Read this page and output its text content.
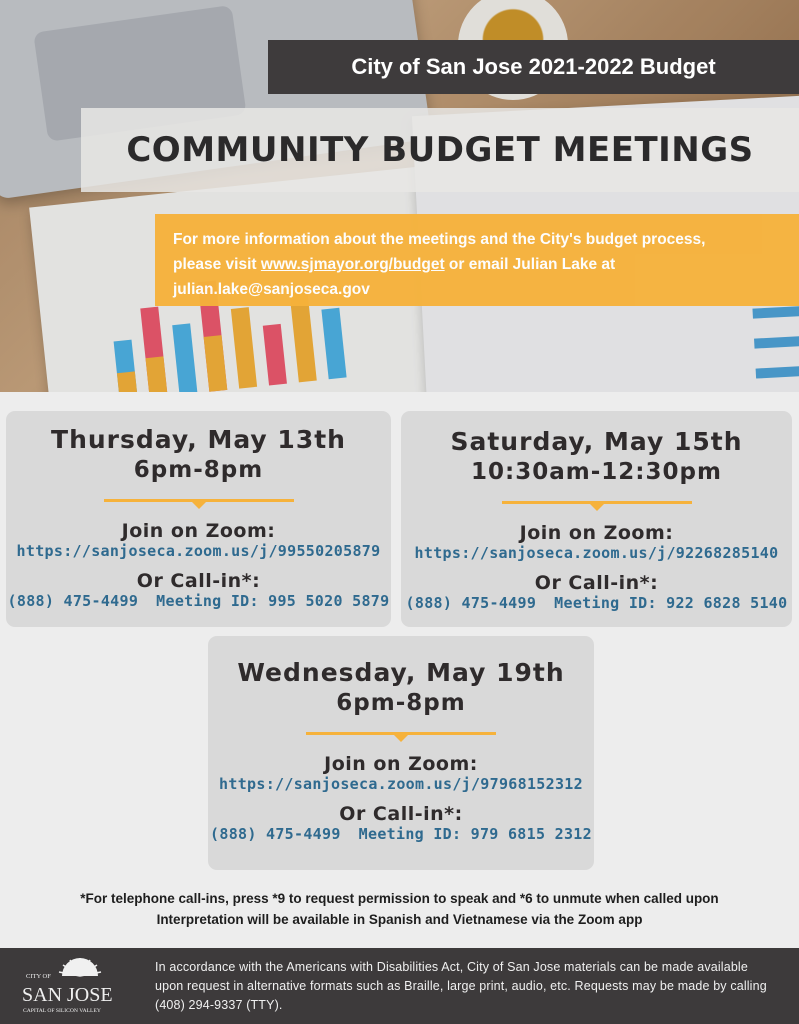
City of San Jose 2021-2022 Budget
COMMUNITY BUDGET MEETINGS
For more information about the meetings and the City's budget process,
please visit www.sjmayor.org/budget or email Julian Lake at
julian.lake@sanjoseca.gov
Thursday, May 13th
6pm-8pm
Join on Zoom:
https://sanjoseca.zoom.us/j/99550205879
Or Call-in*:
(888) 475-4499 Meeting ID: 995 5020 5879
Saturday, May 15th
10:30am-12:30pm
Join on Zoom:
https://sanjoseca.zoom.us/j/92268285140
Or Call-in*:
(888) 475-4499 Meeting ID: 922 6828 5140
Wednesday, May 19th
6pm-8pm
Join on Zoom:
https://sanjoseca.zoom.us/j/97968152312
Or Call-in*:
(888) 475-4499 Meeting ID: 979 6815 2312
*For telephone call-ins, press *9 to request permission to speak and *6 to unmute when called upon
Interpretation will be available in Spanish and Vietnamese via the Zoom app
CITY OF
SAN JOSE
CAPITAL OF SILICON VALLEY
In accordance with the Americans with Disabilities Act, City of San Jose materials can be made available
upon request in alternative formats such as Braille, large print, audio, etc. Requests may be made by calling
(408) 294-9337 (TTY).
